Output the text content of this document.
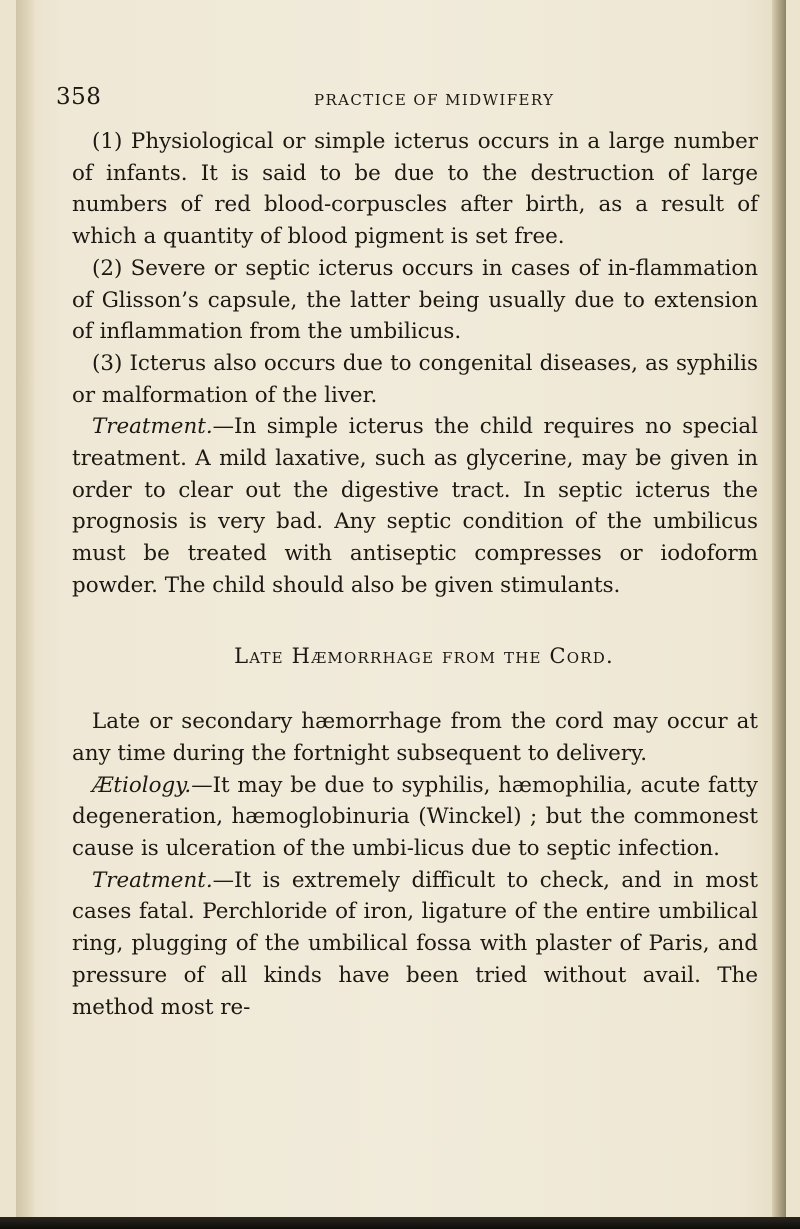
358	PRACTICE OF MIDWIFERY

(1) Physiological or simple icterus occurs in a large number of infants. It is said to be due to the destruction of large numbers of red blood-corpuscles after birth, as a result of which a quantity of blood pigment is set free.

(2) Severe or septic icterus occurs in cases of in-flammation of Glisson’s capsule, the latter being usually due to extension of inflammation from the umbilicus.

(3) Icterus also occurs due to congenital diseases, as syphilis or malformation of the liver.

Treatment.—In simple icterus the child requires no special treatment. A mild laxative, such as glycerine, may be given in order to clear out the digestive tract. In septic icterus the prognosis is very bad. Any septic condition of the umbilicus must be treated with antiseptic compresses or iodoform powder. The child should also be given stimulants.

Late Hæmorrhage from the Cord.

Late or secondary hæmorrhage from the cord may occur at any time during the fortnight subsequent to delivery.

Ætiology.—It may be due to syphilis, hæmophilia, acute fatty degeneration, hæmoglobinuria (Winckel) ; but the commonest cause is ulceration of the umbi-licus due to septic infection.

Treatment.—It is extremely difficult to check, and in most cases fatal. Perchloride of iron, ligature of the entire umbilical ring, plugging of the umbilical fossa with plaster of Paris, and pressure of all kinds have been tried without avail. The method most re-
